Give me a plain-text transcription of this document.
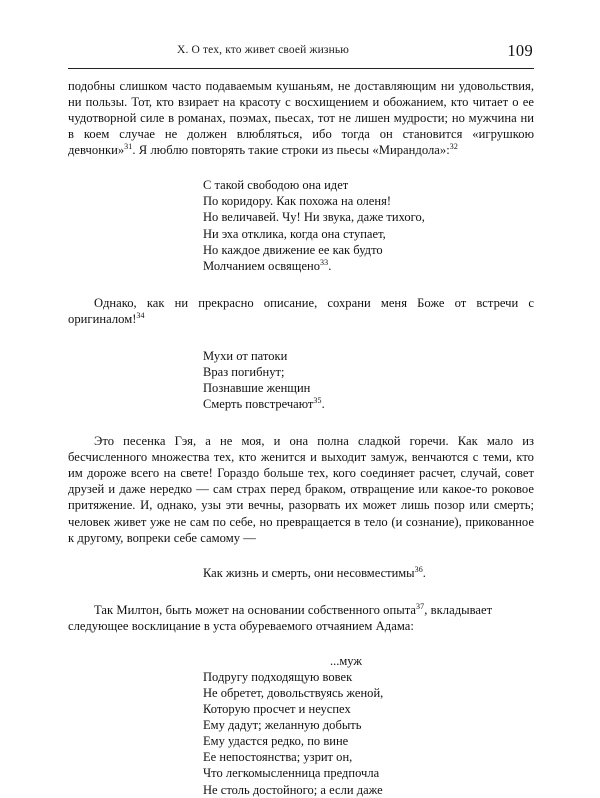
X. О тех, кто живет своей жизнью	109

подобны слишком часто подаваемым кушаньям, не доставляющим ни удовольствия, ни пользы. Тот, кто взирает на красоту с восхищением и обожанием, кто читает о ее чудотворной силе в романах, поэмах, пьесах, тот не лишен мудрости; но мужчина ни в коем случае не должен влюбляться, ибо тогда он становится «игрушкою девчонки»$^{31}$. Я люблю повторять такие строки из пьесы «Мирандола»:$^{32}$

С такой свободою она идет
По коридору. Как похожа на оленя!
Но величавей. Чу! Ни звука, даже тихого,
Ни эха отклика, когда она ступает,
Но каждое движение ее как будто
Молчанием освящено$^{33}$.

Однако, как ни прекрасно описание, сохрани меня Боже от встречи с оригиналом!$^{34}$

Мухи от патоки
Враз погибнут;
Познавшие женщин
Смерть повстречают$^{35}$.

Это песенка Гэя, а не моя, и она полна сладкой горечи. Как мало из бесчисленного множества тех, кто женится и выходит замуж, венчаются с теми, кто им дороже всего на свете! Гораздо больше тех, кого соединяет расчет, случай, совет друзей и даже нередко — сам страх перед браком, отвращение или какое-то роковое притяжение. И, однако, узы эти вечны, разорвать их может лишь позор или смерть; человек живет уже не сам по себе, но превращается в тело (и сознание), прикованное к другому, вопреки себе самому —

Как жизнь и смерть, они несовместимы$^{36}$.

Так Милтон, быть может на основании собственного опыта$^{37}$, вкладывает следующее восклицание в уста обуреваемого отчаянием Адама:

...муж
Подругу подходящую вовек
Не обретет, довольствуясь женой,
Которую просчет и неуспех
Ему дадут; желанную добыть
Ему удастся редко, по вине
Ее непостоянства; узрит он,
Что легкомысленница предпочла
Не столь достойного; а если даже
